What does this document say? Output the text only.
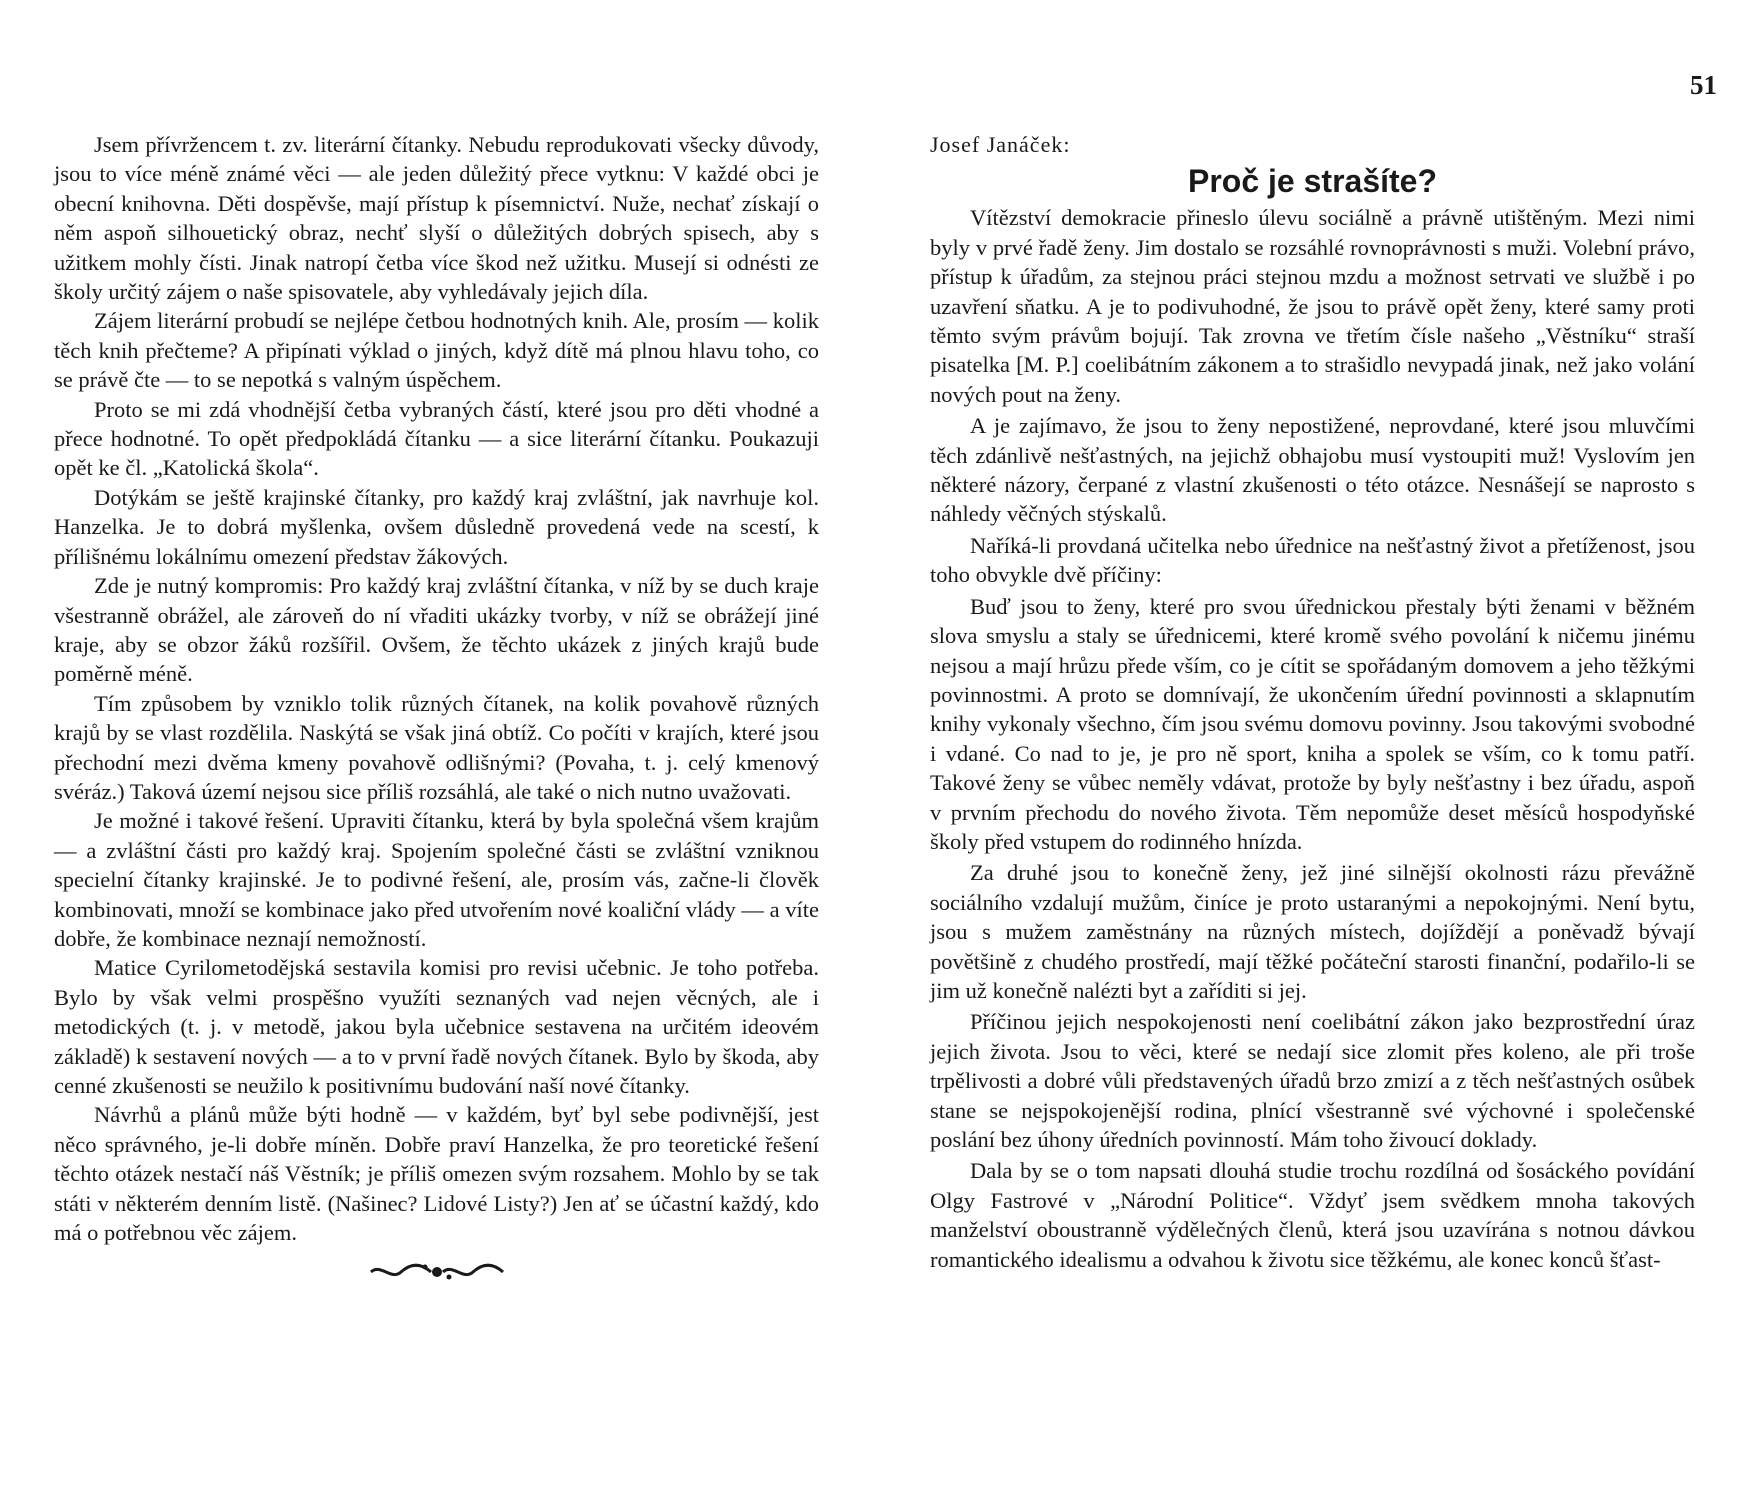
51

Jsem přívržencem t. zv. literární čítanky. Nebudu reprodukovati všecky důvody, jsou to více méně známé věci — ale jeden důležitý přece vytknu: V každé obci je obecní knihovna. Děti dospěvše, mají přístup k písemnictví. Nuže, nechať získají o něm aspoň silhouetický obraz, nechť slyší o důležitých dobrých spisech, aby s užitkem mohly čísti. Jinak natropí četba více škod než užitku. Musejí si odnésti ze školy určitý zájem o naše spisovatele, aby vyhledávaly jejich díla.

Zájem literární probudí se nejlépe četbou hodnotných knih. Ale, prosím — kolik těch knih přečteme? A připínati výklad o jiných, když dítě má plnou hlavu toho, co se právě čte — to se nepotká s valným úspěchem.

Proto se mi zdá vhodnější četba vybraných částí, které jsou pro děti vhodné a přece hodnotné. To opět předpokládá čítanku — a sice literární čítanku. Poukazuji opět ke čl. „Katolická škola“.

Dotýkám se ještě krajinské čítanky, pro každý kraj zvláštní, jak navrhuje kol. Hanzelka. Je to dobrá myšlenka, ovšem důsledně provedená vede na scestí, k přílišnému lokálnímu omezení představ žákových.

Zde je nutný kompromis: Pro každý kraj zvláštní čítanka, v níž by se duch kraje všestranně obrážel, ale zároveň do ní vřaditi ukázky tvorby, v níž se obrážejí jiné kraje, aby se obzor žáků rozšířil. Ovšem, že těchto ukázek z jiných krajů bude poměrně méně.

Tím způsobem by vzniklo tolik různých čítanek, na kolik povahově různých krajů by se vlast rozdělila. Naskýtá se však jiná obtíž. Co počíti v krajích, které jsou přechodní mezi dvěma kmeny povahově odlišnými? (Povaha, t. j. celý kmenový svéráz.) Taková území nejsou sice příliš rozsáhlá, ale také o nich nutno uvažovati.

Je možné i takové řešení. Upraviti čítanku, která by byla společná všem krajům — a zvláštní části pro každý kraj. Spojením společné části se zvláštní vzniknou specielní čítanky krajinské. Je to podivné řešení, ale, prosím vás, začne-li člověk kombinovati, množí se kombinace jako před utvořením nové koaliční vlády — a víte dobře, že kombinace neznají nemožností.

Matice Cyrilometodějská sestavila komisi pro revisi učebnic. Je toho potřeba. Bylo by však velmi prospěšno využíti seznaných vad nejen věcných, ale i metodických (t. j. v metodě, jakou byla učebnice sestavena na určitém ideovém základě) k sestavení nových — a to v první řadě nových čítanek. Bylo by škoda, aby cenné zkušenosti se neužilo k positivnímu budování naší nové čítanky.

Návrhů a plánů může býti hodně — v každém, byť byl sebe podivnější, jest něco správného, je-li dobře míněn. Dobře praví Hanzelka, že pro teoretické řešení těchto otázek nestačí náš Věstník; je příliš omezen svým rozsahem. Mohlo by se tak státi v některém denním listě. (Našinec? Lidové Listy?) Jen ať se účastní každý, kdo má o potřebnou věc zájem.

Josef Janáček:

Proč je strašíte?

Vítězství demokracie přineslo úlevu sociálně a právně utištěným. Mezi nimi byly v prvé řadě ženy. Jim dostalo se rozsáhlé rovnoprávnosti s muži. Volební právo, přístup k úřadům, za stejnou práci stejnou mzdu a možnost setrvati ve službě i po uzavření sňatku. A je to podivuhodné, že jsou to právě opět ženy, které samy proti těmto svým právům bojují. Tak zrovna ve třetím čísle našeho „Věstníku“ straší pisatelka [M. P.] coelibátním zákonem a to strašidlo nevypadá jinak, než jako volání nových pout na ženy.

A je zajímavo, že jsou to ženy nepostižené, neprovdané, které jsou mluvčími těch zdánlivě nešťastných, na jejichž obhajobu musí vystoupiti muž! Vyslovím jen některé názory, čerpané z vlastní zkušenosti o této otázce. Nesnášejí se naprosto s náhledy věčných stýskalů.

Naříká-li provdaná učitelka nebo úřednice na nešťastný život a přetíženost, jsou toho obvykle dvě příčiny:

Buď jsou to ženy, které pro svou úřednickou přestaly býti ženami v běžném slova smyslu a staly se úřednicemi, které kromě svého povolání k ničemu jinému nejsou a mají hrůzu přede vším, co je cítit se spořádaným domovem a jeho těžkými povinnostmi. A proto se domnívají, že ukončením úřední povinnosti a sklapnutím knihy vykonaly všechno, čím jsou svému domovu povinny. Jsou takovými svobodné i vdané. Co nad to je, je pro ně sport, kniha a spolek se vším, co k tomu patří. Takové ženy se vůbec neměly vdávat, protože by byly nešťastny i bez úřadu, aspoň v prvním přechodu do nového života. Těm nepomůže deset měsíců hospodyňské školy před vstupem do rodinného hnízda.

Za druhé jsou to konečně ženy, jež jiné silnější okolnosti rázu převážně sociálního vzdalují mužům, činíce je proto ustaranými a nepokojnými. Není bytu, jsou s mužem zaměstnány na různých místech, dojíždějí a poněvadž bývají povětšině z chudého prostředí, mají těžké počáteční starosti finanční, podařilo-li se jim už konečně nalézti byt a zaříditi si jej.

Příčinou jejich nespokojenosti není coelibátní zákon jako bezprostřední úraz jejich života. Jsou to věci, které se nedají sice zlomit přes koleno, ale při troše trpělivosti a dobré vůli představených úřadů brzo zmizí a z těch nešťastných osůbek stane se nejspokojenější rodina, plnící všestranně své výchovné i společenské poslání bez úhony úředních povinností. Mám toho živoucí doklady.

Dala by se o tom napsati dlouhá studie trochu rozdílná od šosáckého povídání Olgy Fastrové v „Národní Politice“. Vždyť jsem svědkem mnoha takových manželství oboustranně výdělečných členů, která jsou uzavírána s notnou dávkou romantického idealismu a odvahou k životu sice těžkému, ale konec konců šťast-
